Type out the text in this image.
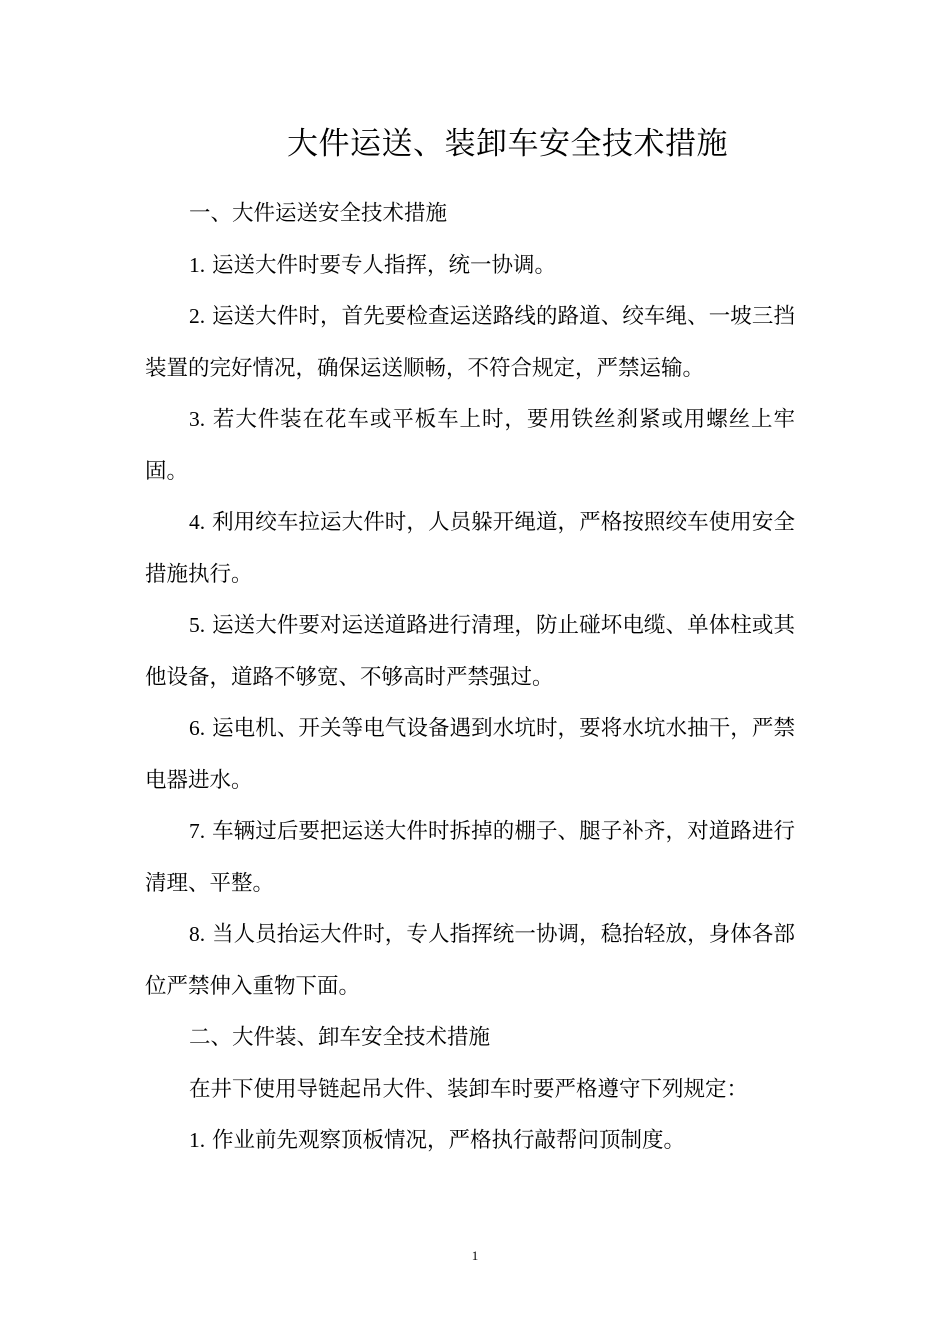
大件运送、装卸车安全技术措施

一、大件运送安全技术措施

1. 运送大件时要专人指挥，统一协调。

2. 运送大件时，首先要检查运送路线的路道、绞车绳、一坡三挡装置的完好情况，确保运送顺畅，不符合规定，严禁运输。

3. 若大件装在花车或平板车上时，要用铁丝刹紧或用螺丝上牢固。

4. 利用绞车拉运大件时，人员躲开绳道，严格按照绞车使用安全措施执行。

5. 运送大件要对运送道路进行清理，防止碰坏电缆、单体柱或其他设备，道路不够宽、不够高时严禁强过。

6. 运电机、开关等电气设备遇到水坑时，要将水坑水抽干，严禁电器进水。

7. 车辆过后要把运送大件时拆掉的棚子、腿子补齐，对道路进行清理、平整。

8. 当人员抬运大件时，专人指挥统一协调，稳抬轻放，身体各部位严禁伸入重物下面。

二、大件装、卸车安全技术措施

在井下使用导链起吊大件、装卸车时要严格遵守下列规定：

1. 作业前先观察顶板情况，严格执行敲帮问顶制度。

1
